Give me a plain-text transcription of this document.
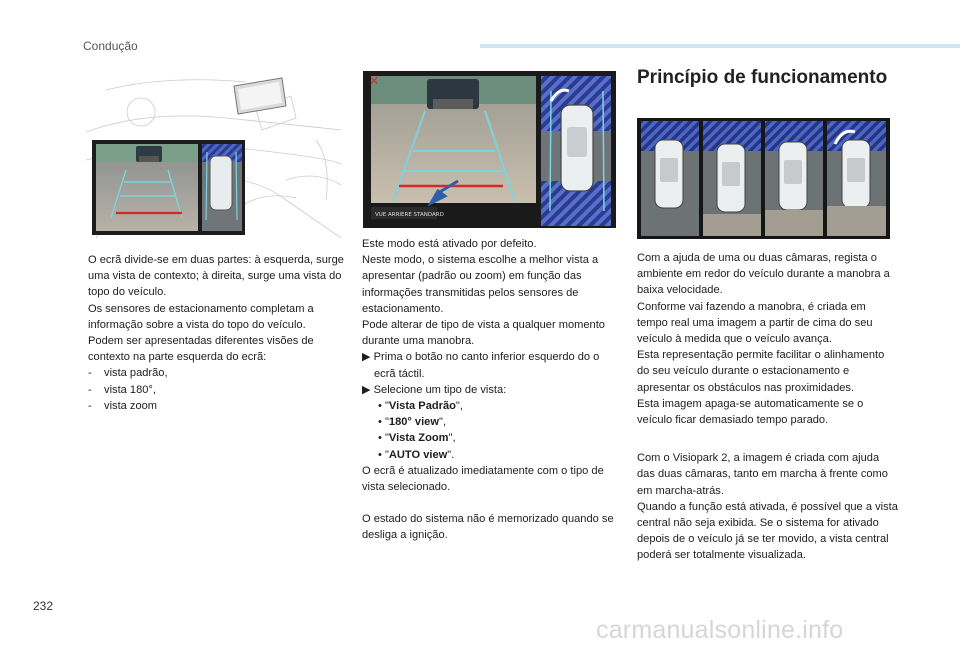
Condução
✕
VUE ARRIERE STANDARD

O ecrã divide-se em duas partes: à esquerda, surge uma vista de contexto; à direita, surge uma vista do topo do veículo.

Os sensores de estacionamento completam a informação sobre a vista do topo do veículo.

Podem ser apresentadas diferentes visões de contexto na parte esquerda do ecrã:

-    vista padrão,

-    vista 180°,

-    vista zoom

Este modo está ativado por defeito.

Neste modo, o sistema escolhe a melhor vista a apresentar (padrão ou zoom) em função das informações transmitidas pelos sensores de estacionamento.

Pode alterar de tipo de vista a qualquer momento durante uma manobra.

▶ Prima o botão no canto inferior esquerdo do o ecrã táctil.

▶ Selecione um tipo de vista:

• "Vista Padrão",

• "180° view",

• "Vista Zoom",

• "AUTO view".

O ecrã é atualizado imediatamente com o tipo de vista selecionado.

O estado do sistema não é memorizado quando se desliga a ignição.

Princípio de funcionamento

Com a ajuda de uma ou duas câmaras, regista o ambiente em redor do veículo durante a manobra a baixa velocidade.

Conforme vai fazendo a manobra, é criada em tempo real uma imagem a partir de cima do seu veículo à medida que o veículo avança.

Esta representação permite facilitar o alinhamento do seu veículo durante o estacionamento e apresentar os obstáculos nas proximidades.

Esta imagem apaga-se automaticamente se o veículo ficar demasiado tempo parado.

Com o Visiopark 2, a imagem é criada com ajuda das duas câmaras, tanto em marcha à frente como em marcha-atrás.

Quando a função está ativada, é possível que a vista central não seja exibida. Se o sistema for ativado depois de o veículo já se ter movido, a vista central poderá ser totalmente visualizada.

232
carmanualsonline.info
